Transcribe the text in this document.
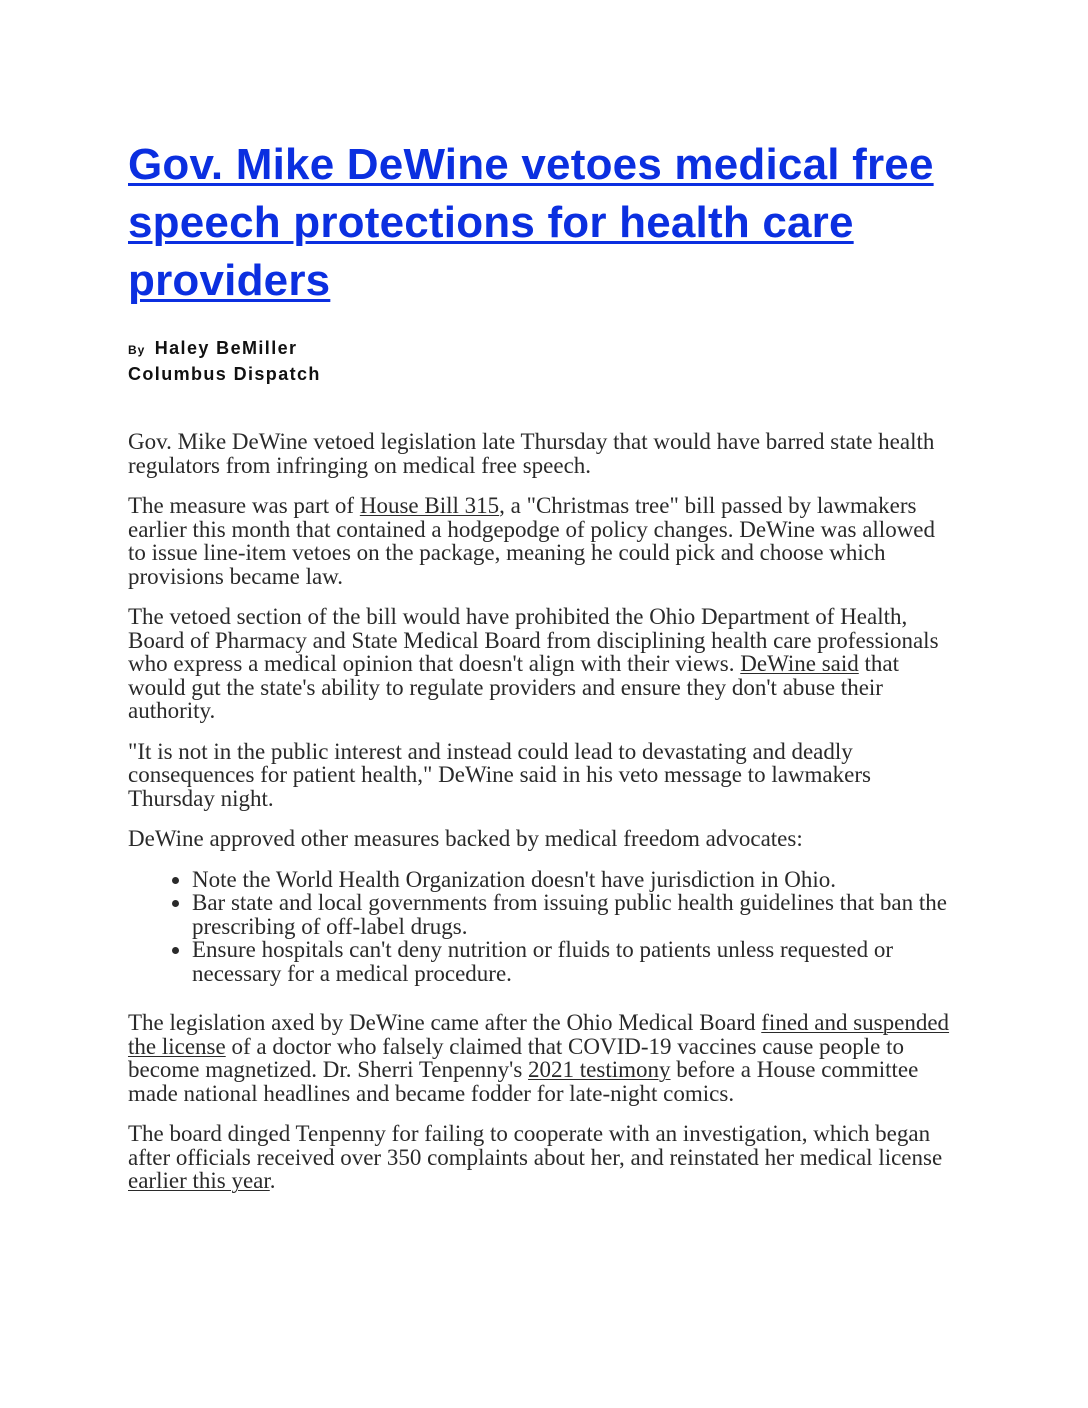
Gov. Mike DeWine vetoes medical free speech protections for health care providers
By Haley BeMiller
Columbus Dispatch

Gov. Mike DeWine vetoed legislation late Thursday that would have barred state health regulators from infringing on medical free speech.

The measure was part of House Bill 315, a "Christmas tree" bill passed by lawmakers earlier this month that contained a hodgepodge of policy changes. DeWine was allowed to issue line-item vetoes on the package, meaning he could pick and choose which provisions became law.

The vetoed section of the bill would have prohibited the Ohio Department of Health, Board of Pharmacy and State Medical Board from disciplining health care professionals who express a medical opinion that doesn't align with their views. DeWine said that would gut the state's ability to regulate providers and ensure they don't abuse their authority.

"It is not in the public interest and instead could lead to devastating and deadly consequences for patient health," DeWine said in his veto message to lawmakers Thursday night.

DeWine approved other measures backed by medical freedom advocates:

• Note the World Health Organization doesn't have jurisdiction in Ohio.
• Bar state and local governments from issuing public health guidelines that ban the prescribing of off-label drugs.
• Ensure hospitals can't deny nutrition or fluids to patients unless requested or necessary for a medical procedure.

The legislation axed by DeWine came after the Ohio Medical Board fined and suspended the license of a doctor who falsely claimed that COVID-19 vaccines cause people to become magnetized. Dr. Sherri Tenpenny's 2021 testimony before a House committee made national headlines and became fodder for late-night comics.

The board dinged Tenpenny for failing to cooperate with an investigation, which began after officials received over 350 complaints about her, and reinstated her medical license earlier this year.
